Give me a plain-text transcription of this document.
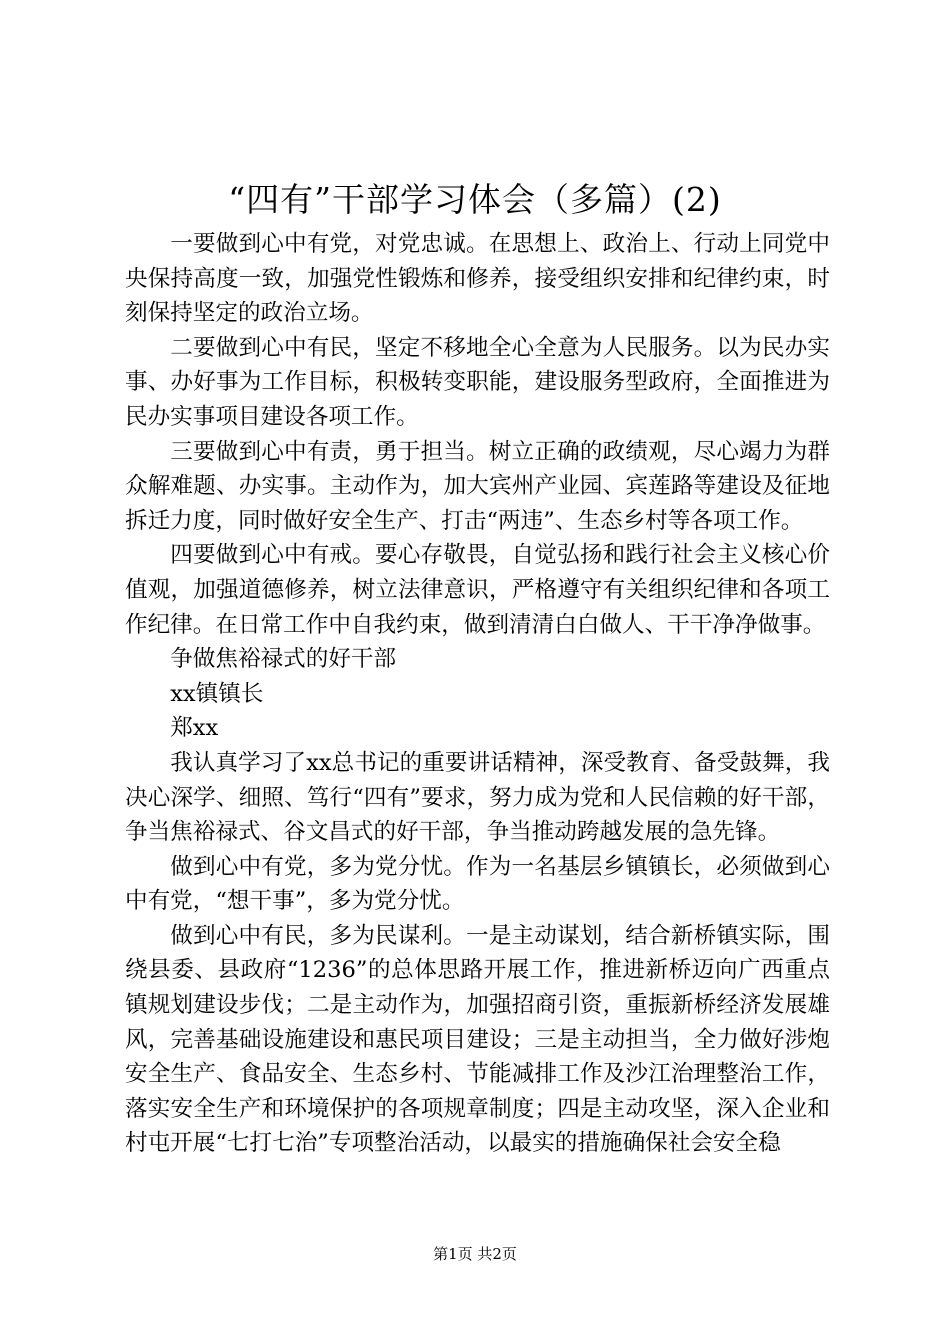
“四有”干部学习体会（多篇）(2)

一要做到心中有党，对党忠诚。在思想上、政治上、行动上同党中央保持高度一致，加强党性锻炼和修养，接受组织安排和纪律约束，时刻保持坚定的政治立场。

二要做到心中有民，坚定不移地全心全意为人民服务。以为民办实事、办好事为工作目标，积极转变职能，建设服务型政府，全面推进为民办实事项目建设各项工作。

三要做到心中有责，勇于担当。树立正确的政绩观，尽心竭力为群众解难题、办实事。主动作为，加大宾州产业园、宾莲路等建设及征地拆迁力度，同时做好安全生产、打击“两违”、生态乡村等各项工作。

四要做到心中有戒。要心存敬畏，自觉弘扬和践行社会主义核心价值观，加强道德修养，树立法律意识，严格遵守有关组织纪律和各项工作纪律。在日常工作中自我约束，做到清清白白做人、干干净净做事。

争做焦裕禄式的好干部

xx镇镇长

郑xx

我认真学习了xx总书记的重要讲话精神，深受教育、备受鼓舞，我决心深学、细照、笃行“四有”要求，努力成为党和人民信赖的好干部，争当焦裕禄式、谷文昌式的好干部，争当推动跨越发展的急先锋。

做到心中有党，多为党分忧。作为一名基层乡镇镇长，必须做到心中有党，“想干事”，多为党分忧。

做到心中有民，多为民谋利。一是主动谋划，结合新桥镇实际，围绕县委、县政府“1236”的总体思路开展工作，推进新桥迈向广西重点镇规划建设步伐；二是主动作为，加强招商引资，重振新桥经济发展雄风，完善基础设施建设和惠民项目建设；三是主动担当，全力做好涉炮安全生产、食品安全、生态乡村、节能减排工作及沙江治理整治工作，落实安全生产和环境保护的各项规章制度；四是主动攻坚，深入企业和村屯开展“七打七治”专项整治活动，以最实的措施确保社会安全稳

第1页 共2页
